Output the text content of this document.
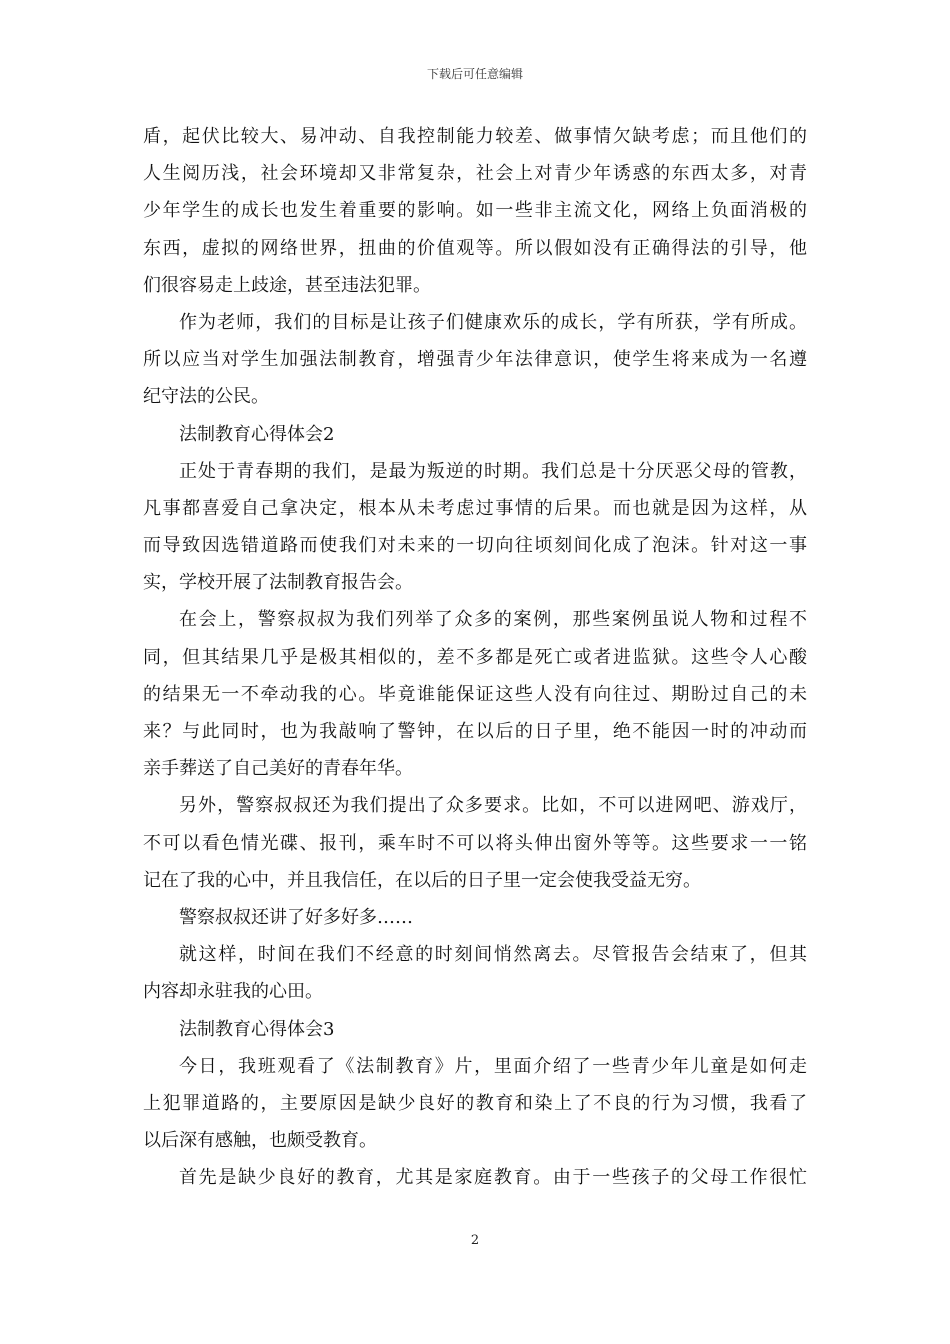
下载后可任意编辑
盾，起伏比较大、易冲动、自我控制能力较差、做事情欠缺考虑；而且他们的
人生阅历浅，社会环境却又非常复杂，社会上对青少年诱惑的东西太多，对青
少年学生的成长也发生着重要的影响。如一些非主流文化，网络上负面消极的
东西，虚拟的网络世界，扭曲的价值观等。所以假如没有正确得法的引导，他
们很容易走上歧途，甚至违法犯罪。
作为老师，我们的目标是让孩子们健康欢乐的成长，学有所获，学有所成。
所以应当对学生加强法制教育，增强青少年法律意识，使学生将来成为一名遵
纪守法的公民。
法制教育心得体会2
正处于青春期的我们，是最为叛逆的时期。我们总是十分厌恶父母的管教，
凡事都喜爱自己拿决定，根本从未考虑过事情的后果。而也就是因为这样，从
而导致因选错道路而使我们对未来的一切向往顷刻间化成了泡沫。针对这一事
实，学校开展了法制教育报告会。
在会上，警察叔叔为我们列举了众多的案例，那些案例虽说人物和过程不
同，但其结果几乎是极其相似的，差不多都是死亡或者进监狱。这些令人心酸
的结果无一不牵动我的心。毕竟谁能保证这些人没有向往过、期盼过自己的未
来？与此同时，也为我敲响了警钟，在以后的日子里，绝不能因一时的冲动而
亲手葬送了自己美好的青春年华。
另外，警察叔叔还为我们提出了众多要求。比如，不可以进网吧、游戏厅，
不可以看色情光碟、报刊，乘车时不可以将头伸出窗外等等。这些要求一一铭
记在了我的心中，并且我信任，在以后的日子里一定会使我受益无穷。
警察叔叔还讲了好多好多……
就这样，时间在我们不经意的时刻间悄然离去。尽管报告会结束了，但其
内容却永驻我的心田。
法制教育心得体会3
今日，我班观看了《法制教育》片，里面介绍了一些青少年儿童是如何走
上犯罪道路的，主要原因是缺少良好的教育和染上了不良的行为习惯，我看了
以后深有感触，也颇受教育。
首先是缺少良好的教育，尤其是家庭教育。由于一些孩子的父母工作很忙
2
